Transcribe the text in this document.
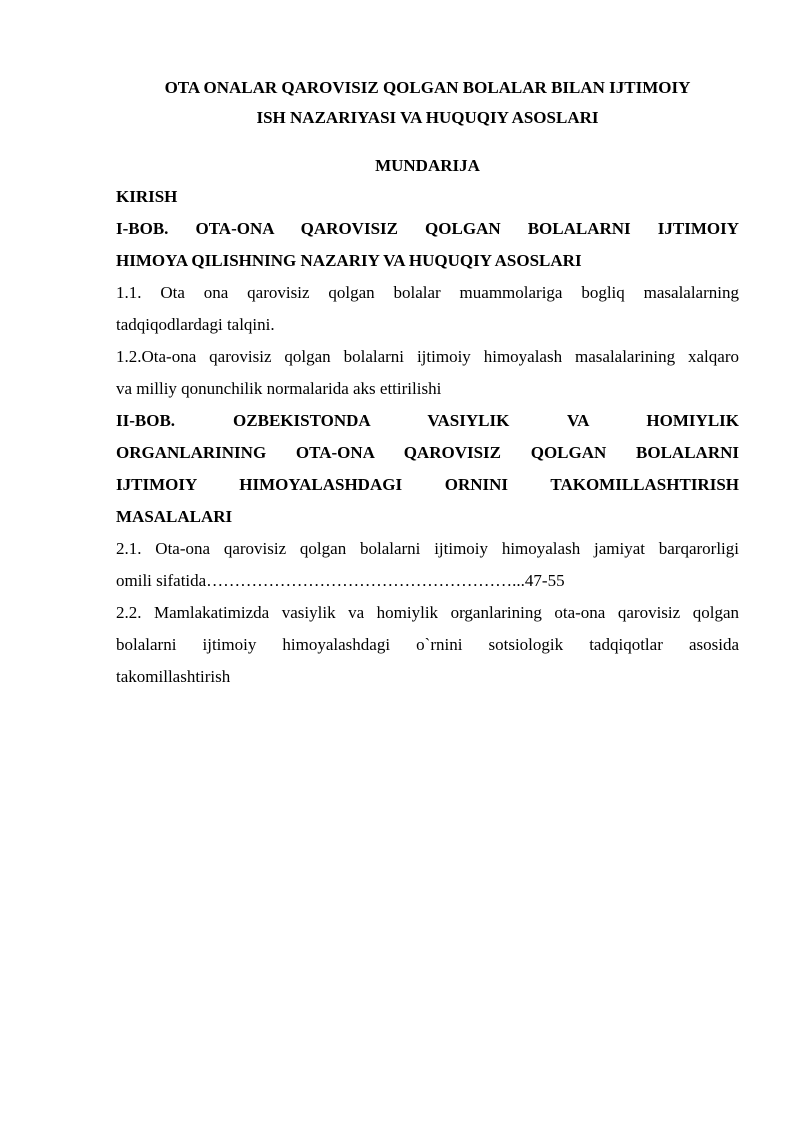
OTA ONALAR QAROVISIZ QOLGAN BOLALAR BILAN IJTIMOIY

ISH NAZARIYASI VA HUQUQIY ASOSLARI

MUNDARIJA

KIRISH

I-BOB. OTA-ONA QAROVISIZ QOLGAN BOLALARNI IJTIMOIY

HIMOYA QILISHNING NAZARIY VA HUQUQIY ASOSLARI

1.1. Ota ona qarovisiz qolgan bolalar muammolariga bogliq masalalarning

tadqiqodlardagi talqini.

1.2.Ota-ona qarovisiz qolgan bolalarni ijtimoiy himoyalash masalalarining xalqaro

va milliy qonunchilik normalarida aks ettirilishi

II-BOB. OZBEKISTONDA VASIYLIK VA HOMIYLIK

ORGANLARINING OTA-ONA QAROVISIZ QOLGAN BOLALARNI

IJTIMOIY HIMOYALASHDAGI ORNINI TAKOMILLASHTIRISH

MASALALARI

2.1. Ota-ona qarovisiz qolgan bolalarni ijtimoiy himoyalash jamiyat barqarorligi

omili sifatida………………………………………………...47-55

2.2. Mamlakatimizda vasiylik va homiylik organlarining ota-ona qarovisiz qolgan

bolalarni ijtimoiy himoyalashdagi o`rnini sotsiologik tadqiqotlar asosida

takomillashtirish
